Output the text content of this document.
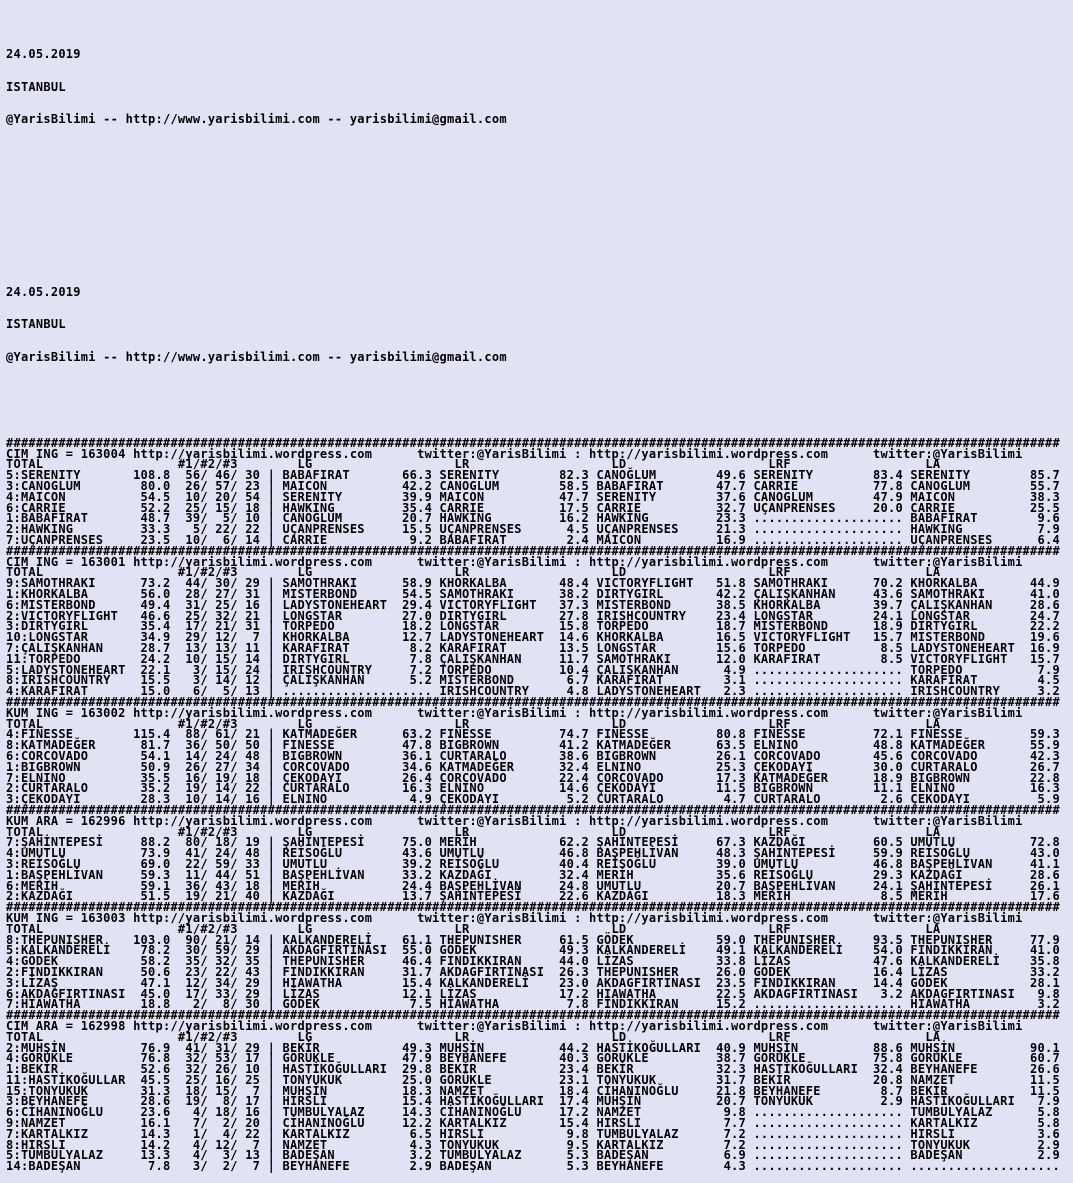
24.05.2019

ISTANBUL

@YarisBilimi -- http://www.yarisbilimi.com -- yarisbilimi@gmail.com

24.05.2019

ISTANBUL

@YarisBilimi -- http://www.yarisbilimi.com -- yarisbilimi@gmail.com

#############################################################################################################################################
CIM ING = 163004 http://yarisbilimi.wordpress.com      twitter:@YarisBilimi : http://yarisbilimi.wordpress.com      twitter:@YarisBilimi
TOTAL                  #1/#2/#3        LG                   LR                   LD                   LRF                  LA
5:SERENITY       108.8  56/ 46/ 30 | BABAFIRAT       66.3 SERENITY        82.3 CANOĞLUM        49.6 SERENITY        83.4 SERENITY        85.7
3:CANOGLUM        80.0  26/ 57/ 23 | MAICON          42.2 CANOGLUM        58.5 BABAFIRAT       47.7 CARRIE          77.8 CANOGLUM        55.7
4:MAICON          54.5  10/ 20/ 54 | SERENITY        39.9 MAICON          47.7 SERENITY        37.6 CANOGLUM        47.9 MAICON          38.3
6:CARRIE          52.2  25/ 15/ 18 | HAWKING         35.4 CARRIE          17.5 CARRIE          32.7 UÇANPRENSES     20.0 CARRIE          25.5
1:BABAFIRAT       48.7  39/  5/ 10 | CANOGLUM        20.7 HAWKING         16.2 HAWKING         23.3 .................... BABAFIRAT        9.6
2:HAWKING         33.3   5/ 22/ 22 | UÇANPRENSES     15.5 UÇANPRENSES      4.5 UÇANPRENSES     21.3 .................... HAWKING          7.9
7:UÇANPRENSES     23.5  10/  6/ 14 | CARRIE           9.2 BABAFIRAT        2.4 MAICON          16.9 .................... UÇANPRENSES      6.4
#############################################################################################################################################
CIM ING = 163001 http://yarisbilimi.wordpress.com      twitter:@YarisBilimi : http://yarisbilimi.wordpress.com      twitter:@YarisBilimi
TOTAL                  #1/#2/#3        LG                   LR                   LD                   LRF                  LA
9:SAMOTHRAKI      73.2  44/ 30/ 29 | SAMOTHRAKI      58.9 KHORKALBA       48.4 VICTORYFLIGHT   51.8 SAMOTHRAKI      70.2 KHORKALBA       44.9
1:KHORKALBA       56.0  28/ 27/ 31 | MISTERBOND      54.5 SAMOTHRAKI      38.2 DIRTYGIRL       42.2 ÇALIŞKANHAN     43.6 SAMOTHRAKI      41.0
6:MISTERBOND      49.4  31/ 25/ 16 | LADYSTONEHEART  29.4 VICTORYFLIGHT   37.3 MISTERBOND      38.5 KHORKALBA       39.7 ÇALIŞKANHAN     28.6
2:VICTORYFLIGHT   46.6  25/ 32/ 21 | LONGSTAR        27.0 DIRTYGIRL       27.8 IRISHCOUNTRY    23.4 LONGSTAR        24.1 LONGSTAR        24.7
3:DIRTYGIRL       35.4  17/ 21/ 31 | TORPEDO         18.2 LONGSTAR        15.8 TORPEDO         18.7 MISTERBOND      18.9 DIRTYGIRL       22.2
10:LONGSTAR       34.9  29/ 12/  7 | KHORKALBA       12.7 LADYSTONEHEART  14.6 KHORKALBA       16.5 VICTORYFLIGHT   15.7 MISTERBOND      19.6
7:ÇALIŞKANHAN     28.7  13/ 13/ 11 | KARAFIRAT        8.2 KARAFIRAT       13.5 LONGSTAR        15.6 TORPEDO          8.5 LADYSTONEHEART  16.9
11:TORPEDO        24.2  10/ 15/ 14 | DIRTYGIRL        7.8 ÇALIŞKANHAN     11.7 SAMOTHRAKI      12.0 KARAFIRAT        8.5 VICTORYFLIGHT   15.7
5:LADYSTONEHEART  22.1   3/ 15/ 24 | IRISHCOUNTRY     7.2 TORPEDO         10.4 ÇALIŞKANHAN      4.9 .................... TORPEDO          7.9
8:IRISHCOUNTRY    15.5   3/ 14/ 12 | ÇALIŞKANHAN      5.2 MISTERBOND       6.7 KARAFIRAT        3.1 .................... KARAFIRAT        4.5
4:KARAFIRAT       15.0   6/  5/ 13 | .................... IRISHCOUNTRY     4.8 LADYSTONEHEART   2.3 .................... IRISHCOUNTRY     3.2
#############################################################################################################################################
KUM ING = 163002 http://yarisbilimi.wordpress.com      twitter:@YarisBilimi : http://yarisbilimi.wordpress.com      twitter:@YarisBilimi
TOTAL                  #1/#2/#3        LG                   LR                   LD                   LRF                  LA
4:FINESSE        115.4  88/ 61/ 21 | KATMADEĞER      63.2 FINESSE         74.7 FINESSE         80.8 FINESSE         72.1 FINESSE         59.3
8:KATMADEĞER      81.7  36/ 50/ 50 | FINESSE         47.8 BIGBROWN        41.2 KATMADEĞER      63.5 ELNINO          48.8 KATMADEĞER      55.9
6:CORCOVADO       54.1  14/ 24/ 48 | BIGBROWN        36.1 CURTARALO       38.6 BIGBROWN        26.1 CORCOVADO       45.6 CORCOVADO       42.3
1:BIGBROWN        50.9  26/ 27/ 34 | CORCOVADO       34.6 KATMADEĞER      32.4 ELNINO          25.3 ÇEKODAYI        30.0 CURTARALO       26.7
7:ELNINO          35.5  16/ 19/ 18 | ÇEKODAYI        26.4 CORCOVADO       22.4 CORCOVADO       17.3 KATMADEĞER      18.9 BIGBROWN        22.8
2:CURTARALO       35.2  19/ 14/ 22 | CURTARALO       16.3 ELNINO          14.6 ÇEKODAYI        11.5 BIGBROWN        11.1 ELNINO          16.3
3:ÇEKODAYI        28.3  10/ 14/ 16 | ELNINO           4.9 ÇEKODAYI         5.2 CURTARALO        4.7 CURTARALO        2.6 ÇEKODAYI         5.9
#############################################################################################################################################
KUM ARA = 162996 http://yarisbilimi.wordpress.com      twitter:@YarisBilimi : http://yarisbilimi.wordpress.com      twitter:@YarisBilimi
TOTAL                  #1/#2/#3        LG                   LR                   LD                   LRF                  LA
7:ŞAHİNTEPESİ     88.2  80/ 18/ 19 | ŞAHİNTEPESİ     75.0 MERİH           62.2 ŞAHİNTEPESİ     67.3 KAZDAĞI         60.5 UMUTLU          72.8
4:UMUTLU          73.9  41/ 24/ 48 | REİSOĞLU        43.6 UMUTLU          46.8 BAŞPEHLİVAN     48.3 ŞAHİNTEPESİ     59.9 REİSOĞLU        43.0
3:REİSOĞLU        69.0  22/ 59/ 33 | UMUTLU          39.2 REİSOĞLU        40.4 REİSOĞLU        39.0 UMUTLU          46.8 BAŞPEHLİVAN     41.1
1:BAŞPEHLİVAN     59.3  11/ 44/ 51 | BAŞPEHLİVAN     33.2 KAZDAĞI         32.4 MERİH           35.6 REİSOĞLU        29.3 KAZDAĞI         28.6
6:MERİH           59.1  36/ 43/ 18 | MERİH           24.4 BAŞPEHLİVAN     24.8 UMUTLU          20.7 BAŞPEHLİVAN     24.1 ŞAHİNTEPESİ     26.1
2:KAZDAĞI         51.5  19/ 21/ 40 | KAZDAĞI         13.7 ŞAHİNTEPESİ     22.6 KAZDAĞI         18.3 MERİH            8.5 MERİH           17.6
#############################################################################################################################################
KUM ING = 163003 http://yarisbilimi.wordpress.com      twitter:@YarisBilimi : http://yarisbilimi.wordpress.com      twitter:@YarisBilimi
TOTAL                  #1/#2/#3        LG                   LR                   LD                   LRF                  LA
8:THEPUNISHER    103.0  90/ 21/ 14 | KALKANDERELİ    61.1 THEPUNISHER     61.5 GÖDEK           59.0 THEPUNISHER     93.5 THEPUNISHER     77.9
5:KALKANDERELİ    78.2  30/ 59/ 29 | AKDAGFIRTINASI  55.0 GÖDEK           49.3 KALKANDERELİ    49.1 KALKANDERELİ    54.0 FINDIKKIRAN     41.0
4:GÖDEK           58.2  35/ 32/ 35 | THEPUNISHER     46.4 FINDIKKIRAN     44.0 LİZAS           33.8 LİZAS           47.6 KALKANDERELİ    35.8
2:FINDIKKIRAN     50.6  23/ 22/ 43 | FINDIKKIRAN     31.7 AKDAGFIRTINASI  26.3 THEPUNISHER     26.0 GÖDEK           16.4 LİZAS           33.2
3:LİZAŞ           47.1  12/ 34/ 29 | HIAWATHA        15.4 KALKANDERELİ    23.0 AKDAGFIRTINASI  23.5 FINDIKKIRAN     14.4 GÖDEK           28.1
6:AKDAGFIRTINASI  45.0  17/ 33/ 29 | LİZAS           12.1 LİZAS           17.2 HIAWATHA        22.5 AKDAGFIRTINASI   3.2 AKDAGFIRTINASI   9.8
7:HIAWATHA        18.8   2/  8/ 30 | GÖDEK            7.5 HIAWATHA         7.8 FINDIKKIRAN     15.2 .................... HIAWATHA         3.2
#############################################################################################################################################
CIM ARA = 162998 http://yarisbilimi.wordpress.com      twitter:@YarisBilimi : http://yarisbilimi.wordpress.com      twitter:@YarisBilimi
TOTAL                  #1/#2/#3        LG                   LR                   LD                   LRF                  LA
2:MUHŞİN          76.9  41/ 31/ 29 | BEKİR           49.3 MUHŞİN          44.2 HASTİKOĞULLARI  40.9 MUHŞİN          88.6 MUHŞİN          90.1
4:GÖRÜKLE         76.8  32/ 53/ 17 | GÖRÜKLE         47.9 BEYHANEFE       40.3 GÖRÜKLE         38.7 GÖRÜKLE         75.8 GÖRÜKLE         60.7
1:BEKİR           52.6  32/ 26/ 10 | HASTİKOĞULLARI  29.8 BEKİR           23.4 BEKİR           32.3 HASTİKOĞULLARI  32.4 BEYHANEFE       26.6
11:HASTİKOĞULLAR  45.5  25/ 16/ 25 | TONYUKUK        25.0 GÖRÜKLE         23.1 TONYUKUK        31.7 BEKİR           20.8 NAMZET          11.5
15:TONYUKUK       31.3  18/ 15/  7 | MUHŞİN          18.3 NAMZET          18.4 CİHANINOĞLU     21.8 BEYHANEFE        8.7 BEKİR           11.5
3:BEYHANEFE       28.6  19/  8/ 17 | HIRSLI          15.4 HASTİKOĞULLARI  17.4 MUHŞİN          20.7 TONYUKUK         2.9 HASTİKOĞULLARI   7.9
6:CİHANINOĞLU     23.6   4/ 18/ 16 | TUMBULYALAZ     14.3 CİHANINOĞLU     17.2 NAMZET           9.8 .................... TUMBULYALAZ      5.8
9:NAMZET          16.1   7/  2/ 20 | CİHANINOĞLU     12.2 KARTALKIZ       15.4 HIRSLI           7.7 .................... KARTALKIZ        5.8
7:KARTALKIZ       14.3   1/  4/ 22 | KARTALKIZ        6.5 HIRSLI           9.8 TUMBULYALAZ      7.2 .................... HIRSLI           3.6
8:HIRSLI          14.2   4/ 12/  7 | NAMZET           4.3 TONYUKUK         9.5 KARTALKIZ        7.2 .................... TONYUKUK         2.9
5:TUMBULYALAZ     13.3   4/  3/ 13 | BADEŞAN          3.2 TUMBULYALAZ      5.3 BADEŞAN          6.9 .................... BADEŞAN          2.9
14:BADEŞAN         7.8   3/  2/  7 | BEYHANEFE        2.9 BADEŞAN          5.3 BEYHANEFE        4.3 .................... ....................
